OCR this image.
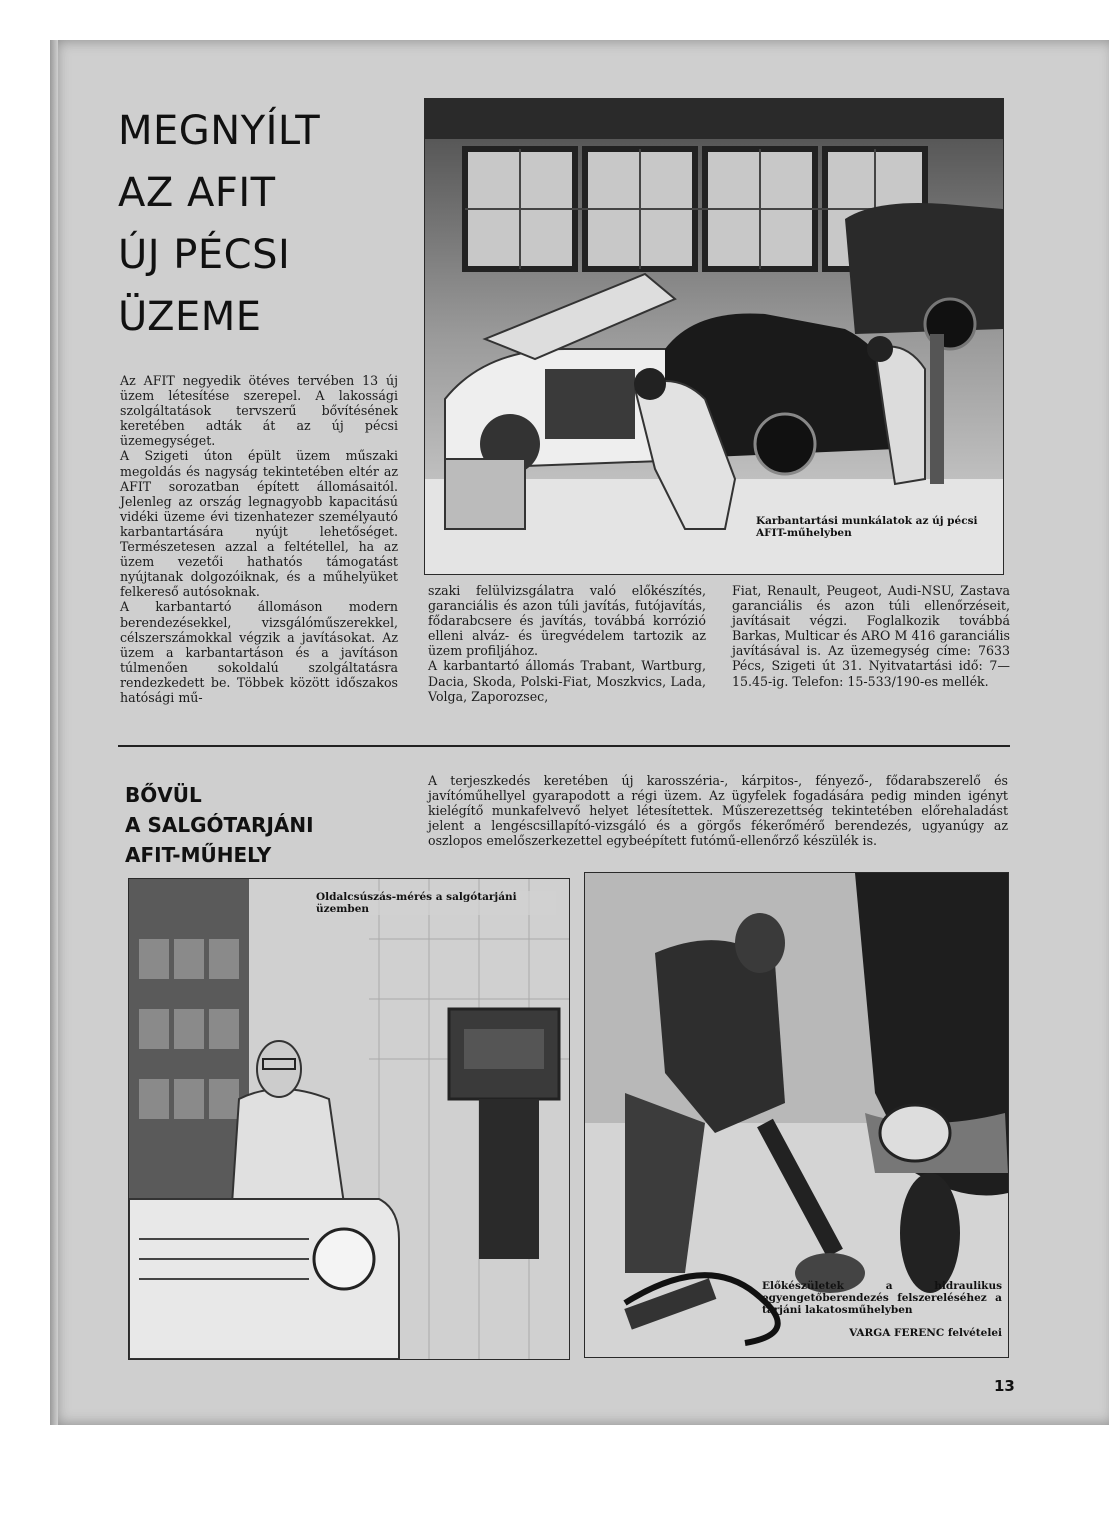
MEGNYÍLT
AZ AFIT
ÚJ PÉCSI
ÜZEME
Karbantartási munkálatok az új pécsi AFIT-műhelyben

Az AFIT negyedik ötéves tervében 13 új üzem létesítése szerepel. A lakossági szolgáltatások tervszerű bővítésének keretében adták át az új pécsi üzemegységet.

A Szigeti úton épült üzem műszaki megoldás és nagyság tekintetében eltér az AFIT sorozatban épített állomásaitól. Jelenleg az ország legnagyobb kapacitású vidéki üzeme évi tizenhatezer személyautó karbantartására nyújt lehetőséget. Természetesen azzal a feltétellel, ha az üzem vezetői hathatós támogatást nyújtanak dolgozóiknak, és a műhelyüket felkereső autósoknak.

A karbantartó állomáson modern berendezésekkel, vizsgálóműszerekkel, célszerszámokkal végzik a javításokat. Az üzem a karbantartáson és a javításon túlmenően sokoldalú szolgáltatásra rendezkedett be. Többek között időszakos hatósági mű-

szaki felülvizsgálatra való előkészítés, garanciális és azon túli javítás, futójavítás, fődarabcsere és javítás, továbbá korrózió elleni alváz- és üregvédelem tartozik az üzem profiljához.

A karbantartó állomás Trabant, Wartburg, Dacia, Skoda, Polski-Fiat, Moszkvics, Lada, Volga, Zaporozsec,

Fiat, Renault, Peugeot, Audi-NSU, Zastava garanciális és azon túli ellenőrzéseit, javításait végzi. Foglalkozik továbbá Barkas, Multicar és ARO M 416 garanciális javításával is. Az üzemegység címe: 7633 Pécs, Szigeti út 31. Nyitvatartási idő: 7—15.45-ig. Telefon: 15-533/190-es mellék.

BŐVÜL
A SALGÓTARJÁNI
AFIT-MŰHELY
A terjeszkedés keretében új karosszéria-, kárpitos-, fényező-, fődarabszerelő és javítóműhellyel gyarapodott a régi üzem. Az ügyfelek fogadására pedig minden igényt kielégítő munkafelvevő helyet létesítettek. Műszerezettség tekintetében előrehaladást jelent a lengéscsillapító-vizsgáló és a görgős fékerőmérő berendezés, ugyanúgy az oszlopos emelőszerkezettel egybeépített futómű-ellenőrző készülék is.
Oldalcsúszás-mérés a salgótarjáni üzemben
Előkészületek a hidraulikus egyengetőberendezés felszereléséhez a tarjáni lakatosműhelyben
VARGA FERENC felvételei
13
